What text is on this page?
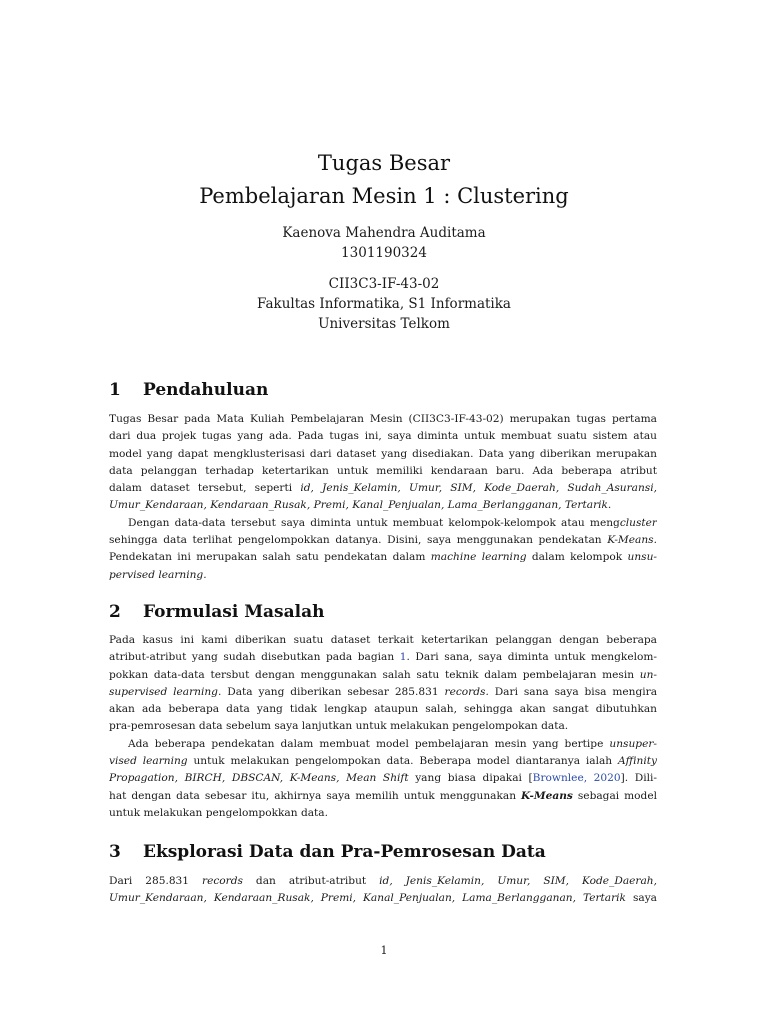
Tugas Besar
Pembelajaran Mesin 1 : Clustering
Kaenova Mahendra Auditama
1301190324
CII3C3-IF-43-02
Fakultas Informatika, S1 Informatika
Universitas Telkom
1 Pendahuluan
Tugas Besar pada Mata Kuliah Pembelajaran Mesin (CII3C3-IF-43-02) merupakan tugas pertama
dari dua projek tugas yang ada. Pada tugas ini, saya diminta untuk membuat suatu sistem atau
model yang dapat mengklusterisasi dari dataset yang disediakan. Data yang diberikan merupakan
data pelanggan terhadap ketertarikan untuk memiliki kendaraan baru. Ada beberapa atribut
dalam dataset tersebut, seperti id, Jenis_Kelamin, Umur, SIM, Kode_Daerah, Sudah_Asuransi,
Umur_Kendaraan, Kendaraan_Rusak, Premi, Kanal_Penjualan, Lama_Berlangganan, Tertarik.
Dengan data-data tersebut saya diminta untuk membuat kelompok-kelompok atau mengcluster
sehingga data terlihat pengelompokkan datanya. Disini, saya menggunakan pendekatan K-Means.
Pendekatan ini merupakan salah satu pendekatan dalam machine learning dalam kelompok unsu-
pervised learning.
2 Formulasi Masalah
Pada kasus ini kami diberikan suatu dataset terkait ketertarikan pelanggan dengan beberapa
atribut-atribut yang sudah disebutkan pada bagian 1. Dari sana, saya diminta untuk mengkelom-
pokkan data-data tersbut dengan menggunakan salah satu teknik dalam pembelajaran mesin un-
supervised learning. Data yang diberikan sebesar 285.831 records. Dari sana saya bisa mengira
akan ada beberapa data yang tidak lengkap ataupun salah, sehingga akan sangat dibutuhkan
pra-pemrosesan data sebelum saya lanjutkan untuk melakukan pengelompokan data.
Ada beberapa pendekatan dalam membuat model pembelajaran mesin yang bertipe unsuper-
vised learning untuk melakukan pengelompokan data. Beberapa model diantaranya ialah Affinity
Propagation, BIRCH, DBSCAN, K-Means, Mean Shift yang biasa dipakai [Brownlee, 2020]. Dili-
hat dengan data sebesar itu, akhirnya saya memilih untuk menggunakan K-Means sebagai model
untuk melakukan pengelompokkan data.
3 Eksplorasi Data dan Pra-Pemrosesan Data
Dari 285.831 records dan atribut-atribut id, Jenis_Kelamin, Umur, SIM, Kode_Daerah,
Umur_Kendaraan, Kendaraan_Rusak, Premi, Kanal_Penjualan, Lama_Berlangganan, Tertarik saya
1
